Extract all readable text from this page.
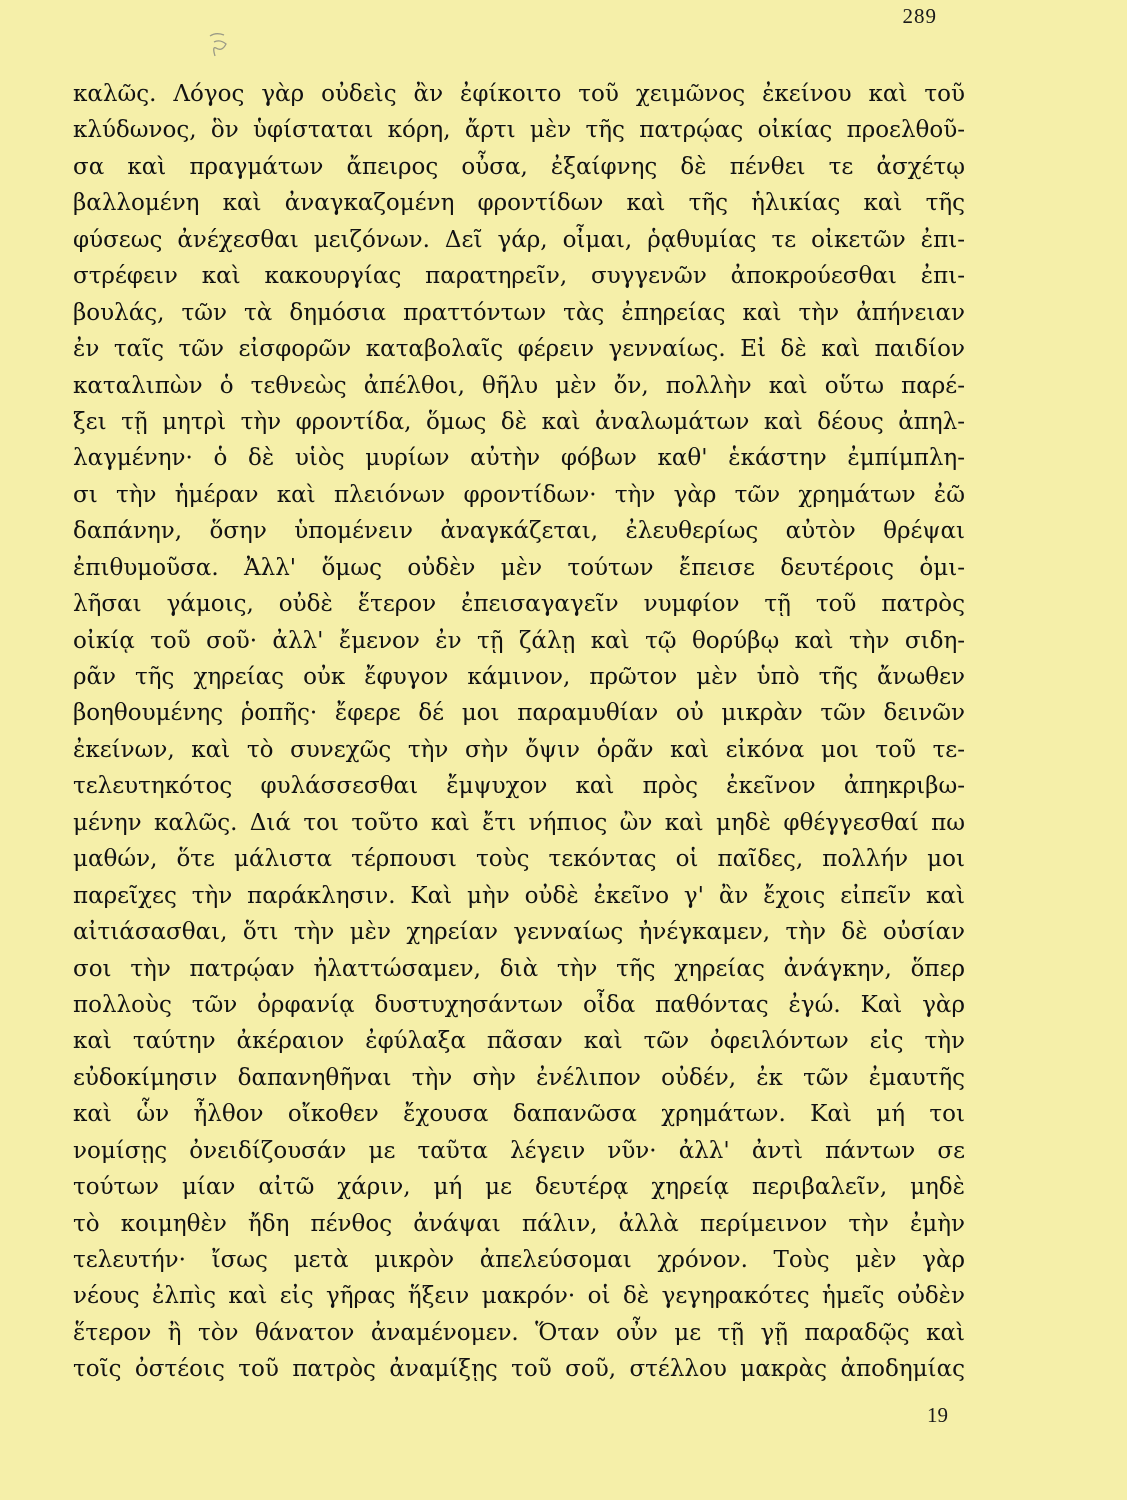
289
καλῶς. Λόγος γὰρ οὐδεὶς ἂν ἐφίκοιτο τοῦ χειμῶνος ἐκείνου καὶ τοῦ
κλύδωνος, ὃν ὑφίσταται κόρη, ἄρτι μὲν τῆς πατρῴας οἰκίας προελθοῦ-
σα καὶ πραγμάτων ἄπειρος οὖσα, ἐξαίφνης δὲ πένθει τε ἀσχέτῳ
βαλλομένη καὶ ἀναγκαζομένη φροντίδων καὶ τῆς ἡλικίας καὶ τῆς
φύσεως ἀνέχεσθαι μειζόνων. Δεῖ γάρ, οἶμαι, ῥᾳθυμίας τε οἰκετῶν ἐπι-
στρέφειν καὶ κακουργίας παρατηρεῖν, συγγενῶν ἀποκρούεσθαι ἐπι-
βουλάς, τῶν τὰ δημόσια πραττόντων τὰς ἐπηρείας καὶ τὴν ἀπήνειαν
ἐν ταῖς τῶν εἰσφορῶν καταβολαῖς φέρειν γενναίως. Εἰ δὲ καὶ παιδίον
καταλιπὼν ὁ τεθνεὼς ἀπέλθοι, θῆλυ μὲν ὄν, πολλὴν καὶ οὕτω παρέ-
ξει τῇ μητρὶ τὴν φροντίδα, ὅμως δὲ καὶ ἀναλωμάτων καὶ δέους ἀπηλ-
λαγμένην· ὁ δὲ υἱὸς μυρίων αὐτὴν φόβων καθ' ἑκάστην ἐμπίμπλη-
σι τὴν ἡμέραν καὶ πλειόνων φροντίδων· τὴν γὰρ τῶν χρημάτων ἐῶ
δαπάνην, ὅσην ὑπομένειν ἀναγκάζεται, ἐλευθερίως αὐτὸν θρέψαι
ἐπιθυμοῦσα. Ἀλλ' ὅμως οὐδὲν μὲν τούτων ἔπεισε δευτέροις ὁμι-
λῆσαι γάμοις, οὐδὲ ἕτερον ἐπεισαγαγεῖν νυμφίον τῇ τοῦ πατρὸς
οἰκίᾳ τοῦ σοῦ· ἀλλ' ἔμενον ἐν τῇ ζάλῃ καὶ τῷ θορύβῳ καὶ τὴν σιδη-
ρᾶν τῆς χηρείας οὐκ ἔφυγον κάμινον, πρῶτον μὲν ὑπὸ τῆς ἄνωθεν
βοηθουμένης ῥοπῆς· ἔφερε δέ μοι παραμυθίαν οὐ μικρὰν τῶν δεινῶν
ἐκείνων, καὶ τὸ συνεχῶς τὴν σὴν ὄψιν ὁρᾶν καὶ εἰκόνα μοι τοῦ τε-
τελευτηκότος φυλάσσεσθαι ἔμψυχον καὶ πρὸς ἐκεῖνον ἀπηκριβω-
μένην καλῶς. Διά τοι τοῦτο καὶ ἔτι νήπιος ὢν καὶ μηδὲ φθέγγεσθαί πω
μαθών, ὅτε μάλιστα τέρπουσι τοὺς τεκόντας οἱ παῖδες, πολλήν μοι
παρεῖχες τὴν παράκλησιν. Καὶ μὴν οὐδὲ ἐκεῖνο γ' ἂν ἔχοις εἰπεῖν καὶ
αἰτιάσασθαι, ὅτι τὴν μὲν χηρείαν γενναίως ἠνέγκαμεν, τὴν δὲ οὐσίαν
σοι τὴν πατρῴαν ἠλαττώσαμεν, διὰ τὴν τῆς χηρείας ἀνάγκην, ὅπερ
πολλοὺς τῶν ὀρφανίᾳ δυστυχησάντων οἶδα παθόντας ἐγώ. Καὶ γὰρ
καὶ ταύτην ἀκέραιον ἐφύλαξα πᾶσαν καὶ τῶν ὀφειλόντων εἰς τὴν
εὐδοκίμησιν δαπανηθῆναι τὴν σὴν ἐνέλιπον οὐδέν, ἐκ τῶν ἐμαυτῆς
καὶ ὧν ἦλθον οἴκοθεν ἔχουσα δαπανῶσα χρημάτων. Καὶ μή τοι
νομίσῃς ὀνειδίζουσάν με ταῦτα λέγειν νῦν· ἀλλ' ἀντὶ πάντων σε
τούτων μίαν αἰτῶ χάριν, μή με δευτέρᾳ χηρείᾳ περιβαλεῖν, μηδὲ
τὸ κοιμηθὲν ἤδη πένθος ἀνάψαι πάλιν, ἀλλὰ περίμεινον τὴν ἐμὴν
τελευτήν· ἴσως μετὰ μικρὸν ἀπελεύσομαι χρόνον. Τοὺς μὲν γὰρ
νέους ἐλπὶς καὶ εἰς γῆρας ἥξειν μακρόν· οἱ δὲ γεγηρακότες ἡμεῖς οὐδὲν
ἕτερον ἢ τὸν θάνατον ἀναμένομεν. Ὅταν οὖν με τῇ γῇ παραδῷς καὶ
τοῖς ὀστέοις τοῦ πατρὸς ἀναμίξῃς τοῦ σοῦ, στέλλου μακρὰς ἀποδημίας
19
